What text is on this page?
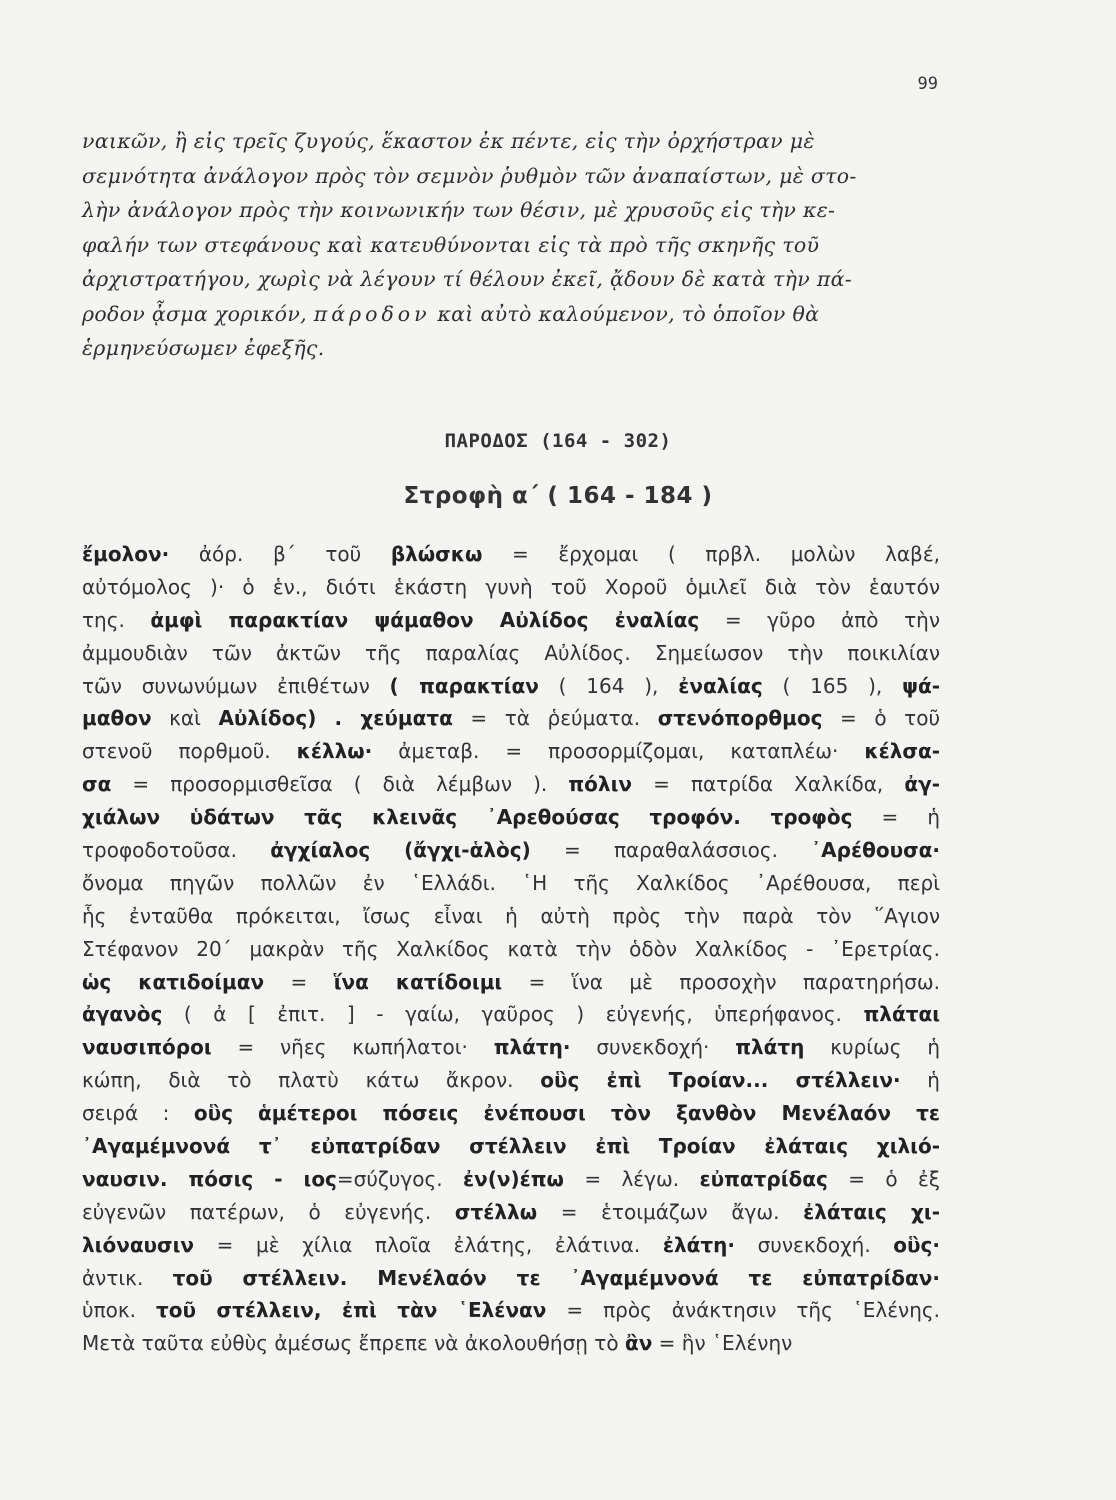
99
ναικῶν, ἢ εἰς τρεῖς ζυγούς, ἕκαστον ἐκ πέντε, εἰς τὴν ὀρχήστραν μὲ
σεμνότητα ἀνάλογον πρὸς τὸν σεμνὸν ῥυθμὸν τῶν ἀναπαίστων, μὲ στο-
λὴν ἀνάλογον πρὸς τὴν κοινωνικήν των θέσιν, μὲ χρυσοῦς εἰς τὴν κε-
φαλήν των στεφάνους καὶ κατευθύνονται εἰς τὰ πρὸ τῆς σκηνῆς τοῦ
ἀρχιστρατήγου, χωρὶς νὰ λέγουν τί θέλουν ἐκεῖ, ᾄδουν δὲ κατὰ τὴν πά-
ροδον ᾆσμα χορικόν, πάροδον καὶ αὐτὸ καλούμενον, τὸ ὁποῖον θὰ
ἑρμηνεύσωμεν ἐφεξῆς.
ΠΑΡΟΔΟΣ (164 - 302)
Στροφὴ α΄ ( 164 - 184 )
ἔμολον· ἀόρ. β΄ τοῦ βλώσκω = ἔρχομαι ( πρβλ. μολὼν λαβέ,
αὐτόμολος )· ὁ ἑν., διότι ἑκάστη γυνὴ τοῦ Χοροῦ ὁμιλεῖ διὰ τὸν ἑαυτόν
της. ἀμφὶ παρακτίαν ψάμαθον Αὐλίδος ἐναλίας = γῦρο ἀπὸ τὴν
ἀμμουδιὰν τῶν ἀκτῶν τῆς παραλίας Αὐλίδος. Σημείωσον τὴν ποικιλίαν
τῶν συνωνύμων ἐπιθέτων ( παρακτίαν ( 164 ), ἐναλίας ( 165 ), ψά-
μαθον καὶ Αὐλίδος) . χεύματα = τὰ ῥεύματα. στενόπορθμος = ὁ τοῦ
στενοῦ πορθμοῦ. κέλλω· ἀμεταβ. = προσορμίζομαι, καταπλέω· κέλσα-
σα = προσορμισθεῖσα ( διὰ λέμβων ). πόλιν = πατρίδα Χαλκίδα, ἀγ-
χιάλων ὑδάτων τᾶς κλεινᾶς ᾿Αρεθούσας τροφόν. τροφὸς = ἡ
τροφοδοτοῦσα. ἀγχίαλος (ἄγχι-ἁλὸς) = παραθαλάσσιος. ᾿Αρέθουσα·
ὄνομα πηγῶν πολλῶν ἐν ῾Ελλάδι. ῾Η τῆς Χαλκίδος ᾿Αρέθουσα, περὶ
ἧς ἐνταῦθα πρόκειται, ἴσως εἶναι ἡ αὐτὴ πρὸς τὴν παρὰ τὸν ῞Αγιον
Στέφανον 20΄ μακρὰν τῆς Χαλκίδος κατὰ τὴν ὁδὸν Χαλκίδος - ᾿Ερετρίας.
ὡς κατιδοίμαν = ἵνα κατίδοιμι = ἵνα μὲ προσοχὴν παρατηρήσω.
ἀγανὸς ( ἀ [ ἐπιτ. ] - γαίω, γαῦρος ) εὐγενής, ὑπερήφανος. πλάται
ναυσιπόροι = νῆες κωπήλατοι· πλάτη· συνεκδοχή· πλάτη κυρίως ἡ
κώπη, διὰ τὸ πλατὺ κάτω ἄκρον. οὓς ἐπὶ Τροίαν... στέλλειν· ἡ
σειρά : οὓς ἁμέτεροι πόσεις ἐνέπουσι τὸν ξανθὸν Μενέλαόν τε
᾿Αγαμέμνονά τ᾿ εὐπατρίδαν στέλλειν ἐπὶ Τροίαν ἐλάταις χιλιό-
ναυσιν. πόσις - ιος=σύζυγος. ἐν(ν)έπω = λέγω. εὐπατρίδας = ὁ ἐξ
εὐγενῶν πατέρων, ὁ εὐγενής. στέλλω = ἑτοιμάζων ἄγω. ἐλάταις χι-
λιόναυσιν = μὲ χίλια πλοῖα ἐλάτης, ἐλάτινα. ἐλάτη· συνεκδοχή. οὓς·
ἀντικ. τοῦ στέλλειν. Μενέλαόν τε ᾿Αγαμέμνονά τε εὐπατρίδαν·
ὑποκ. τοῦ στέλλειν, ἐπὶ τὰν ῾Ελέναν = πρὸς ἀνάκτησιν τῆς ῾Ελένης.
Μετὰ ταῦτα εὐθὺς ἀμέσως ἔπρεπε νὰ ἀκολουθήσῃ τὸ ἂν = ἣν ῾Ελένην
